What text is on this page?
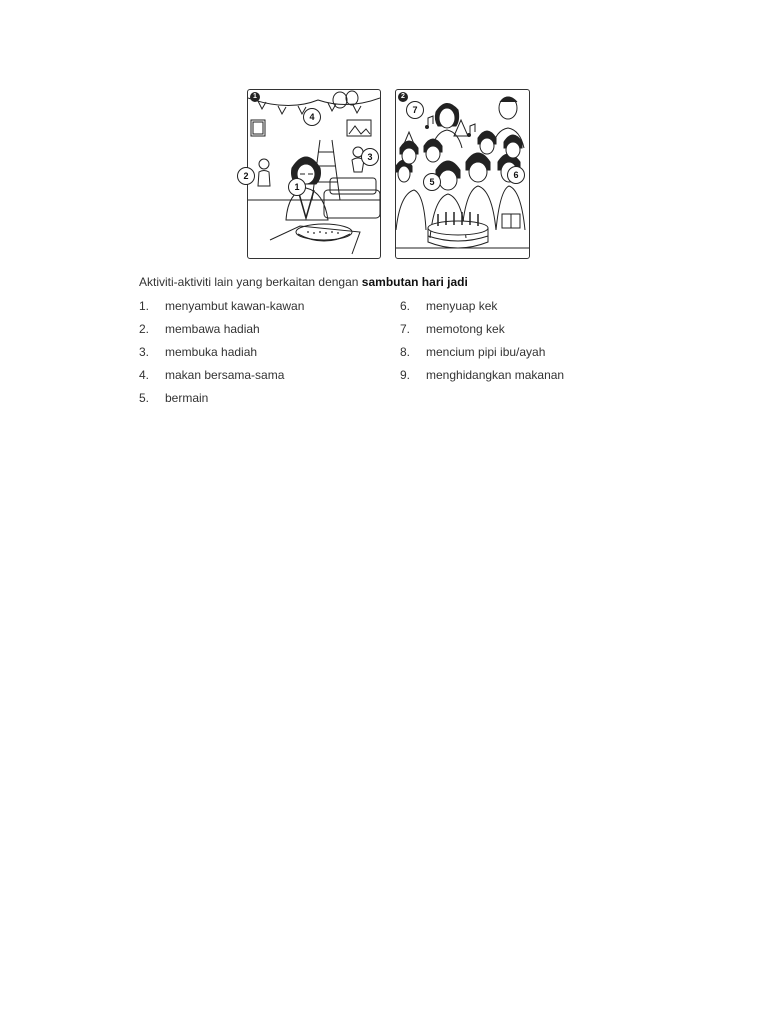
1
4
3
1
2
2
7
5
6
Aktiviti-aktiviti lain yang berkaitan dengan sambutan hari jadi
1. menyambut kawan-kawan
2. membawa hadiah
3. membuka hadiah
4. makan bersama-sama
5. bermain
6. menyuap kek
7. memotong kek
8. mencium pipi ibu/ayah
9. menghidangkan makanan
